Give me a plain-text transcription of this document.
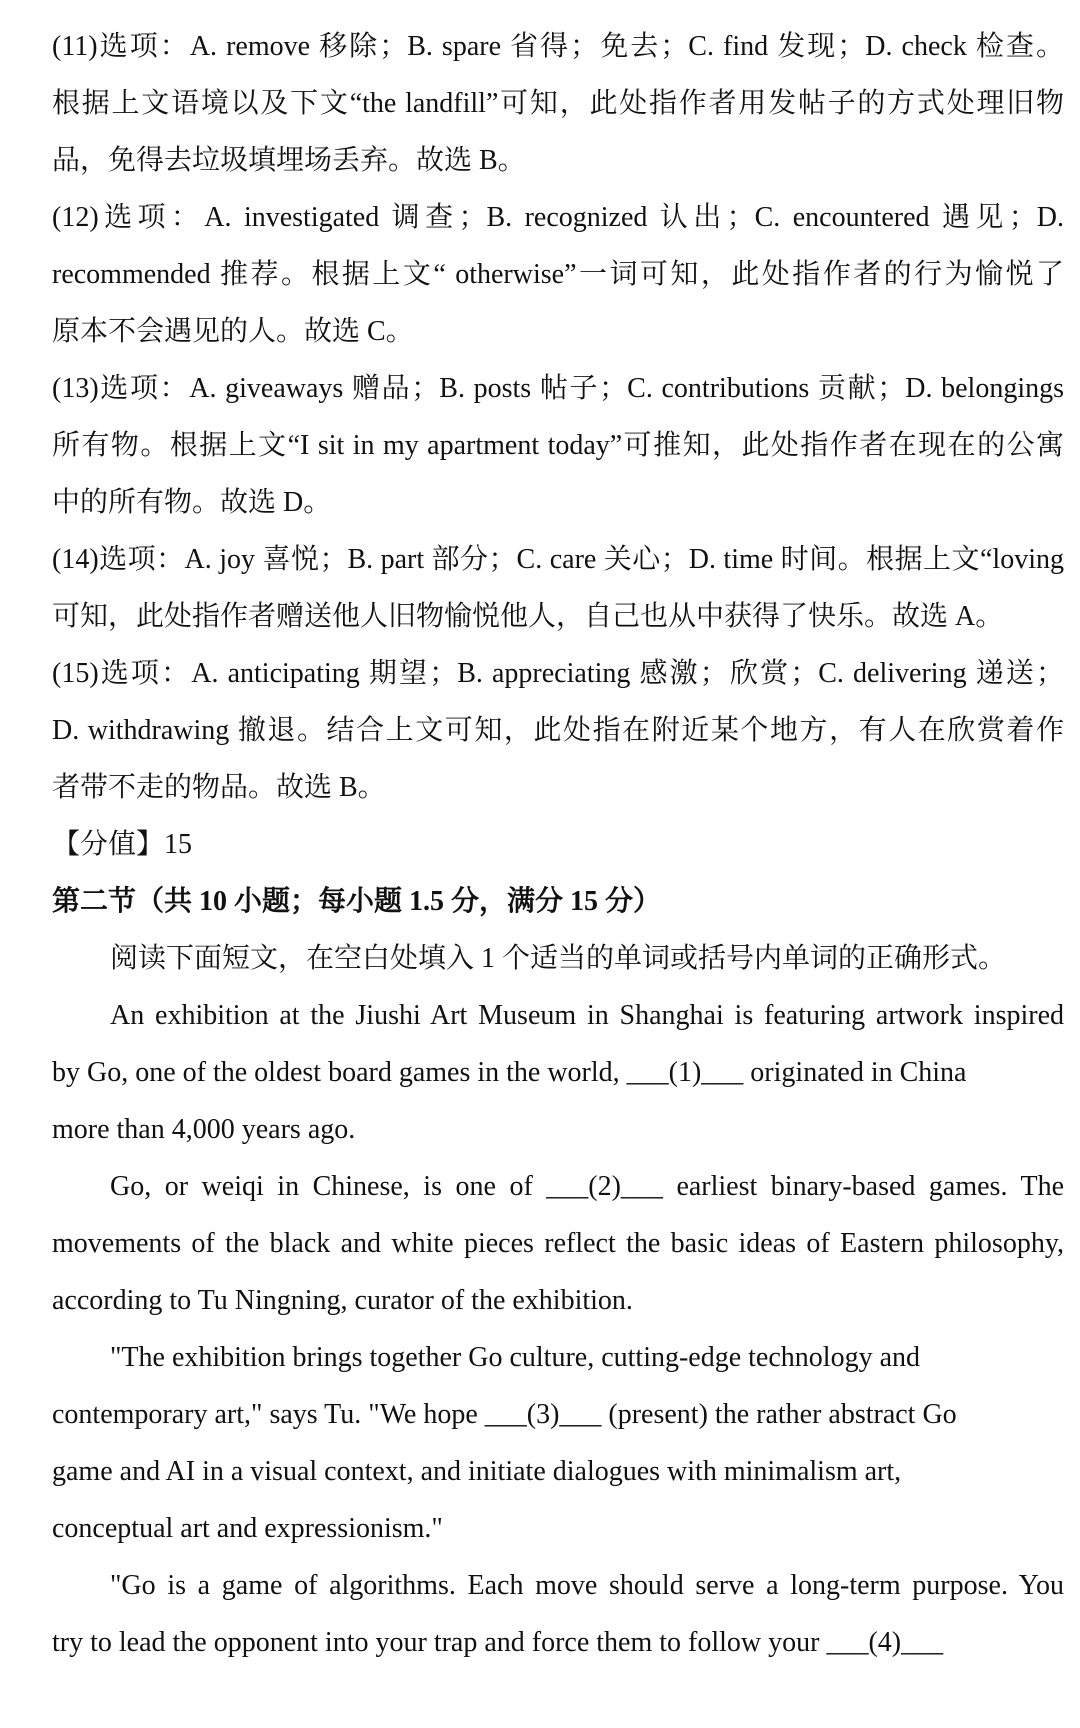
(11)选项：A. remove 移除；B. spare 省得；免去；C. find 发现；D. check 检查。
根据上文语境以及下文“the landfill”可知，此处指作者用发帖子的方式处理旧物
品，免得去垃圾填埋场丢弃。故选 B。
(12)选项：A. investigated 调查；B. recognized 认出；C. encountered 遇见；D.
recommended 推荐。根据上文“ otherwise”一词可知，此处指作者的行为愉悦了
原本不会遇见的人。故选 C。
(13)选项：A. giveaways 赠品；B. posts 帖子；C. contributions 贡献；D. belongings
所有物。根据上文“I sit in my apartment today”可推知，此处指作者在现在的公寓
中的所有物。故选 D。
(14)选项：A. joy 喜悦；B. part 部分；C. care 关心；D. time 时间。根据上文“loving
可知，此处指作者赠送他人旧物愉悦他人，自己也从中获得了快乐。故选 A。
(15)选项：A. anticipating 期望；B. appreciating 感激；欣赏；C. delivering 递送；
D. withdrawing 撤退。结合上文可知，此处指在附近某个地方，有人在欣赏着作
者带不走的物品。故选 B。
【分值】15
第二节（共 10 小题；每小题 1.5 分，满分 15 分）
阅读下面短文，在空白处填入 1 个适当的单词或括号内单词的正确形式。
An exhibition at the Jiushi Art Museum in Shanghai is featuring artwork inspired
by Go, one of the oldest board games in the world, ___(1)___ originated in China
more than 4,000 years ago.
Go, or weiqi in Chinese, is one of ___(2)___ earliest binary-based games. The
movements of the black and white pieces reflect the basic ideas of Eastern philosophy,
according to Tu Ningning, curator of the exhibition.
"The exhibition brings together Go culture, cutting-edge technology and
contemporary art," says Tu. "We hope ___(3)___ (present) the rather abstract Go
game and AI in a visual context, and initiate dialogues with minimalism art,
conceptual art and expressionism."
"Go is a game of algorithms. Each move should serve a long-term purpose. You
try to lead the opponent into your trap and force them to follow your ___(4)___
